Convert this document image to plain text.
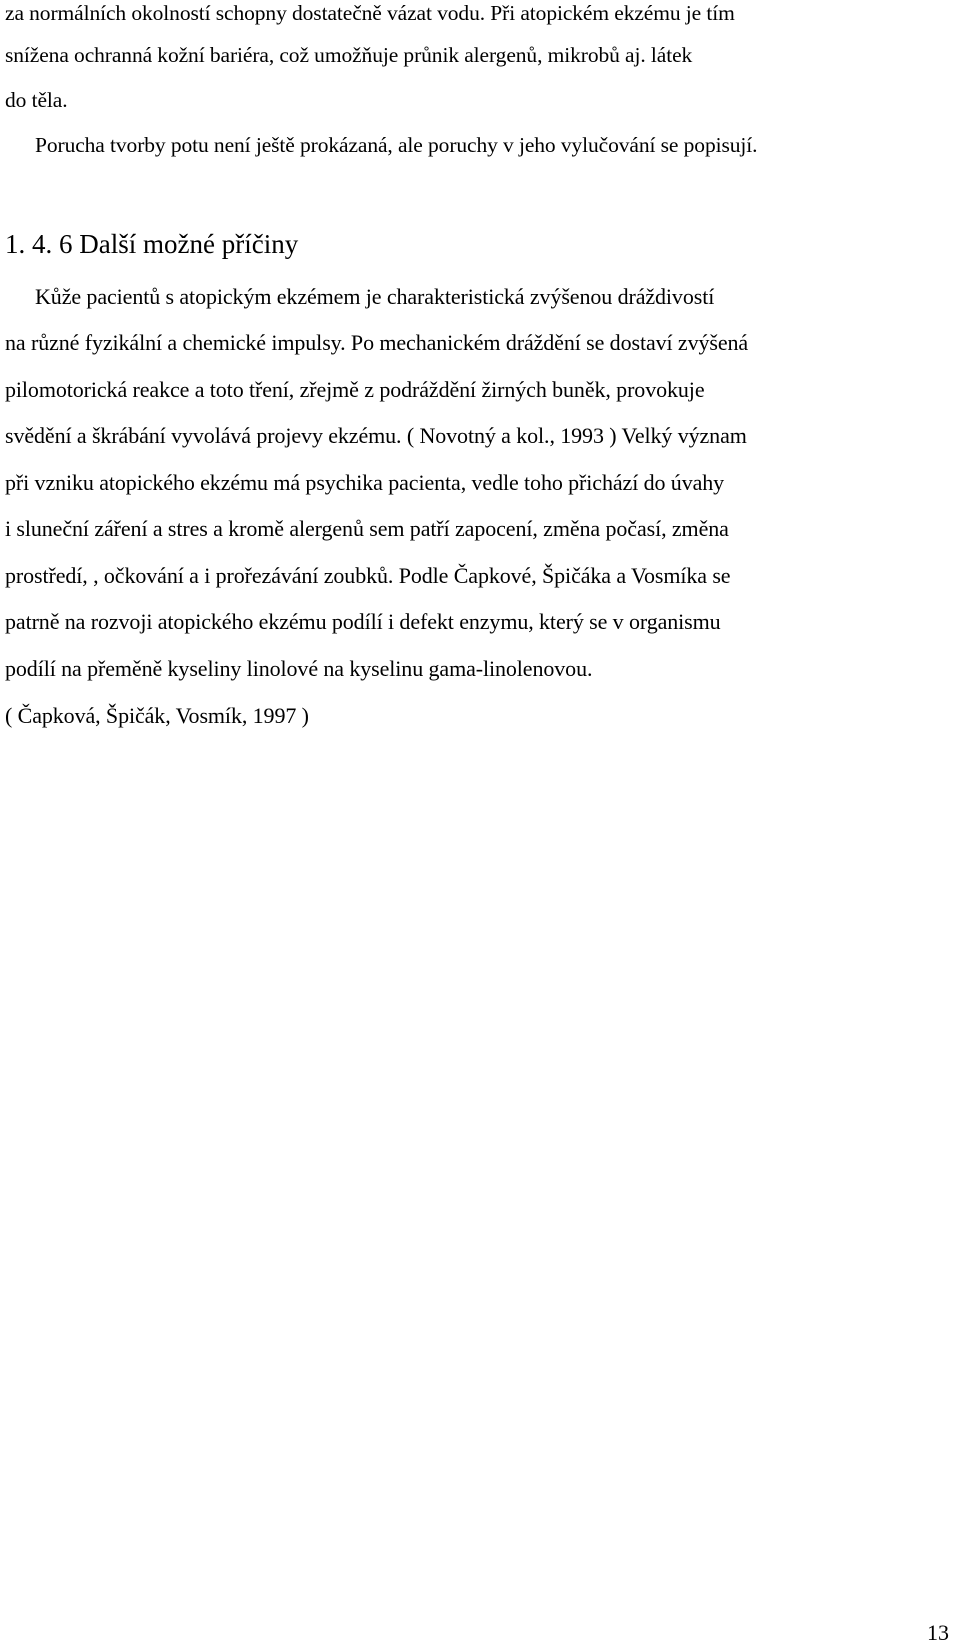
za normálních okolností schopny dostatečně vázat vodu. Při atopickém ekzému je tím
snížena ochranná kožní bariéra, což umožňuje průnik alergenů, mikrobů aj. látek
do těla.
Porucha tvorby potu není ještě prokázaná, ale poruchy v jeho vylučování se popisují.
1. 4. 6 Další možné příčiny
Kůže pacientů s atopickým ekzémem je charakteristická zvýšenou dráždivostí
na různé fyzikální a chemické impulsy. Po mechanickém dráždění se dostaví zvýšená
pilomotorická reakce a toto tření, zřejmě z podráždění žirných buněk, provokuje
svědění a škrábání vyvolává projevy ekzému. ( Novotný a kol., 1993 ) Velký význam
při vzniku atopického ekzému má psychika pacienta, vedle toho přichází do úvahy
i sluneční záření a stres a kromě alergenů sem patří zapocení, změna počasí, změna
prostředí, , očkování a i prořezávání zoubků. Podle Čapkové, Špičáka a Vosmíka se
patrně na rozvoji atopického ekzému podílí i defekt enzymu, který se v organismu
podílí na přeměně kyseliny linolové na kyselinu gama-linolenovou.
( Čapková, Špičák, Vosmík, 1997 )
13
